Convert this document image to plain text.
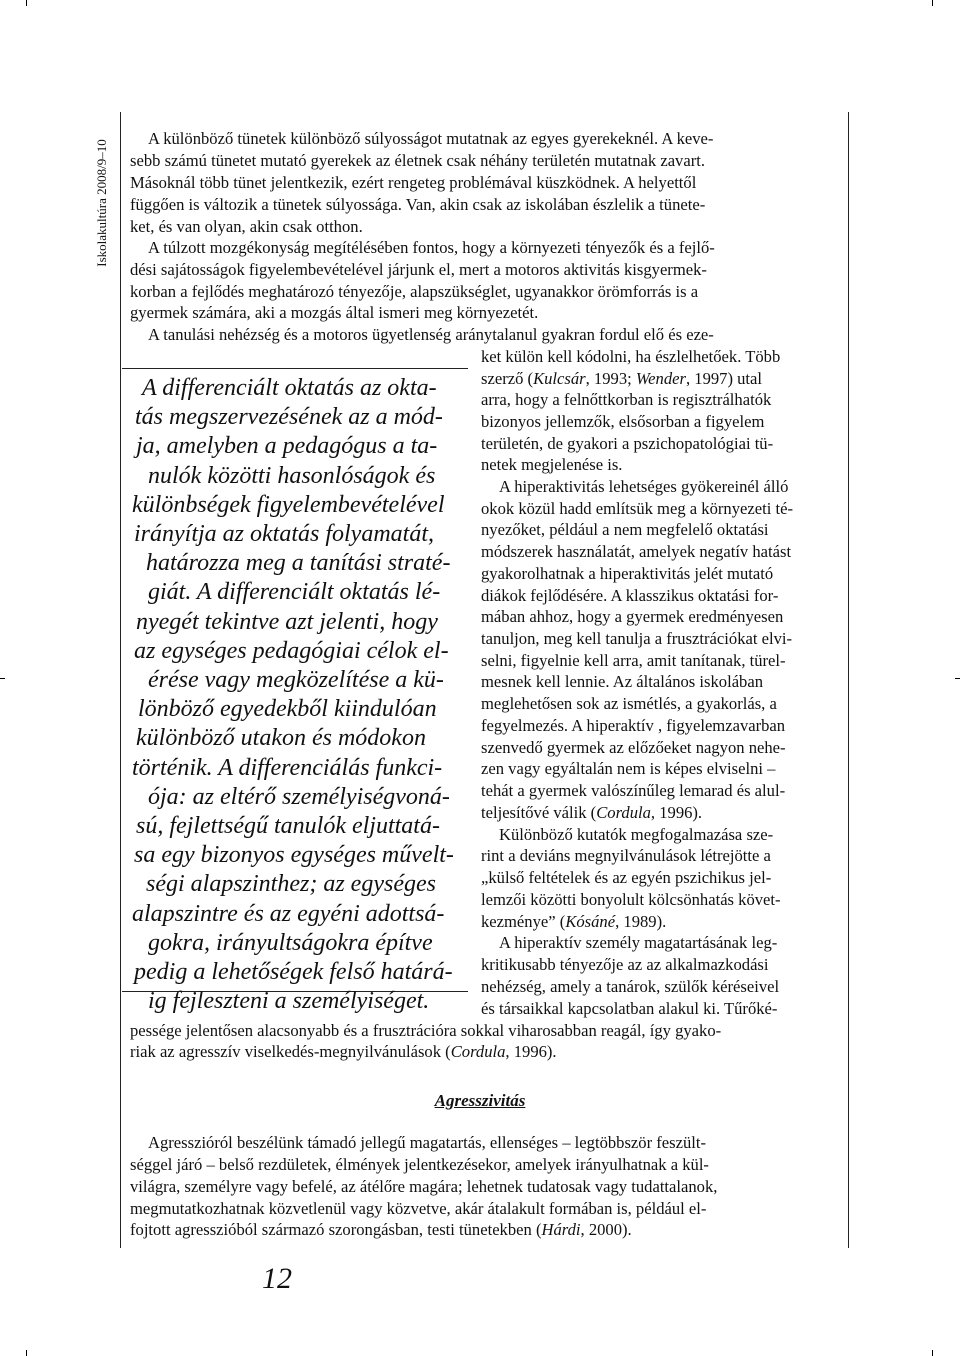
Iskolakultúra 2008/9–10
A különböző tünetek különböző súlyosságot mutatnak az egyes gyerekeknél. A keve-
sebb számú tünetet mutató gyerekek az életnek csak néhány területén mutatnak zavart.
Másoknál több tünet jelentkezik, ezért rengeteg problémával küszködnek. A helyettől
függően is változik a tünetek súlyossága. Van, akin csak az iskolában észlelik a tünete-
ket, és van olyan, akin csak otthon.
A túlzott mozgékonyság megítélésében fontos, hogy a környezeti tényezők és a fejlő-
dési sajátosságok figyelembevételével járjunk el, mert a motoros aktivitás kisgyermek-
korban a fejlődés meghatározó tényezője, alapszükséglet, ugyanakkor örömforrás is a
gyermek számára, aki a mozgás által ismeri meg környezetét.
A tanulási nehézség és a motoros ügyetlenség aránytalanul gyakran fordul elő és eze-
ket külön kell kódolni, ha észlelhetőek. Több
szerző (Kulcsár, 1993; Wender, 1997) utal
arra, hogy a felnőttkorban is regisztrálhatók
bizonyos jellemzők, elsősorban a figyelem
területén, de gyakori a pszichopatológiai tü-
netek megjelenése is.
A hiperaktivitás lehetséges gyökereinél álló
okok közül hadd említsük meg a környezeti té-
nyezőket, például a nem megfelelő oktatási
módszerek használatát, amelyek negatív hatást
gyakorolhatnak a hiperaktivitás jelét mutató
diákok fejlődésére. A klasszikus oktatási for-
mában ahhoz, hogy a gyermek eredményesen
tanuljon, meg kell tanulja a frusztrációkat elvi-
selni, figyelnie kell arra, amit tanítanak, türel-
mesnek kell lennie. Az általános iskolában
meglehetősen sok az ismétlés, a gyakorlás, a
fegyelmezés. A hiperaktív , figyelemzavarban
szenvedő gyermek az előzőeket nagyon nehe-
zen vagy egyáltalán nem is képes elviselni –
tehát a gyermek valószínűleg lemarad és alul-
teljesítővé válik (Cordula, 1996).
Különböző kutatók megfogalmazása sze-
rint a deviáns megnyilvánulások létrejötte a
„külső feltételek és az egyén pszichikus jel-
lemzői közötti bonyolult kölcsönhatás követ-
kezménye” (Kósáné, 1989).
A hiperaktív személy magatartásának leg-
kritikusabb tényezője az az alkalmazkodási
nehézség, amely a tanárok, szülők kéréseivel
és társaikkal kapcsolatban alakul ki. Tűrőké-
pessége jelentősen alacsonyabb és a frusztrációra sokkal viharosabban reagál, így gyako-
riak az agresszív viselkedés-megnyilvánulások (Cordula, 1996).
A differenciált oktatás az okta-
tás megszervezésének az a mód-
ja, amelyben a pedagógus a ta-
nulók közötti hasonlóságok és
különbségek figyelembevételével
irányítja az oktatás folyamatát,
határozza meg a tanítási straté-
giát. A differenciált oktatás lé-
nyegét tekintve azt jelenti, hogy
az egységes pedagógiai célok el-
érése vagy megközelítése a kü-
lönböző egyedekből kiindulóan
különböző utakon és módokon
történik. A differenciálás funkci-
ója: az eltérő személyiségvoná-
sú, fejlettségű tanulók eljuttatá-
sa egy bizonyos egységes művelt-
ségi alapszinthez; az egységes
alapszintre és az egyéni adottsá-
gokra, irányultságokra építve
pedig a lehetőségek felső határá-
ig fejleszteni a személyiséget.
Agresszivitás
Agresszióról beszélünk támadó jellegű magatartás, ellenséges – legtöbbször feszült-
séggel járó – belső rezdületek, élmények jelentkezésekor, amelyek irányulhatnak a kül-
világra, személyre vagy befelé, az átélőre magára; lehetnek tudatosak vagy tudattalanok,
megmutatkozhatnak közvetlenül vagy közvetve, akár átalakult formában is, például el-
fojtott agresszióból származó szorongásban, testi tünetekben (Hárdi, 2000).
12
